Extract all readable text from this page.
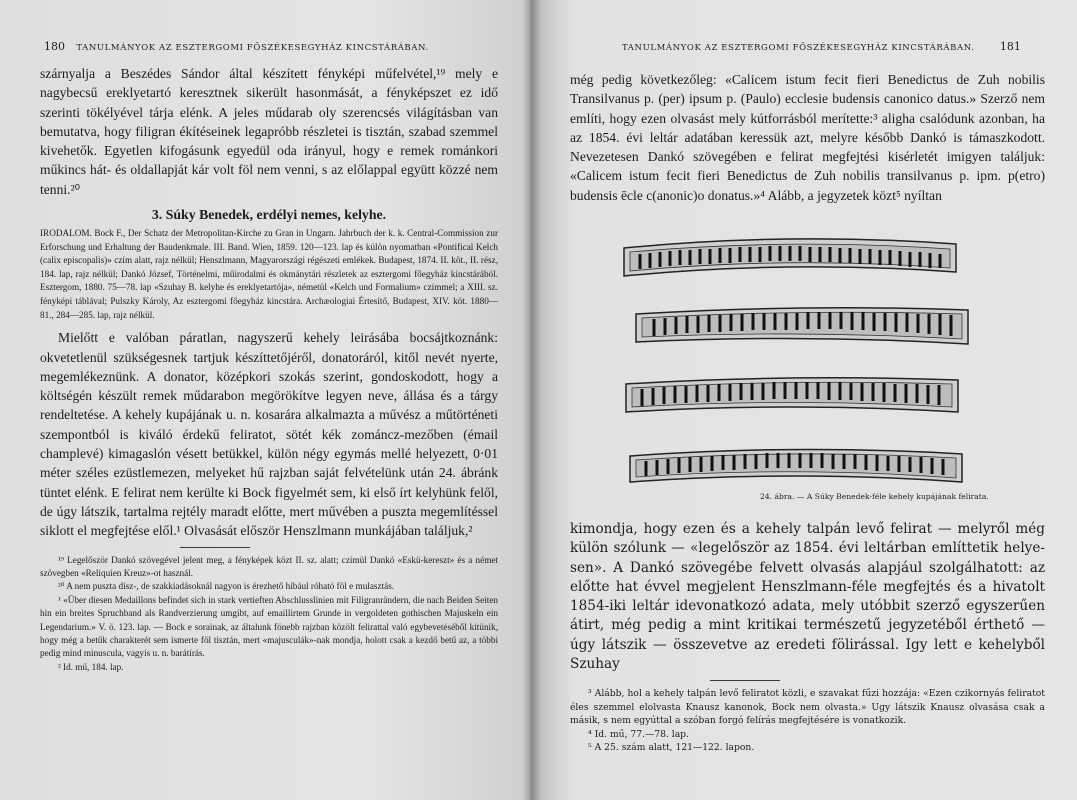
180 TANULMÁNYOK AZ ESZTERGOMI FŐSZÉKESEGYHÁZ KINCSTÁRÁBAN.

szárnyalja a Beszédes Sándor által készített fényképi műfelvétel,¹⁹ mely e nagybecsű ereklyetartó keresztnek sikerült hasonmását, a fényképszet ez idő szerinti tökélyével tárja elénk. A jeles műdarab oly szerencsés világításban van bemutatva, hogy filigran ékítéseinek legapróbb részletei is tisztán, szabad szemmel kivehetők. Egyetlen kifogásunk egyedül oda irányul, hogy e remek románkori műkincs hát- és oldallapját kár volt föl nem venni, s az előlappal együtt közzé nem tenni.²⁰

3. Súky Benedek, erdélyi nemes, kelyhe.

IRODALOM. Bock F., Der Schatz der Metropolitan-Kirche zu Gran in Ungarn. Jahrbuch der k. k. Central-Commission zur Erforschung und Erhaltung der Baudenkmale. III. Band. Wien, 1859. 120—123. lap és külön nyomatban «Pontifical Kelch (calix episcopalis)» czím alatt, rajz nélkül; Henszlmann, Magyarországi régészeti emlékek. Budapest, 1874. II. köt., II. rész, 184. lap, rajz nélkül; Dankó József, Történelmi, műirodalmi és okmánytári részletek az esztergomi főegyház kincstárából. Esztergom, 1880. 75—78. lap «Szuhay B. kelyhe és ereklyetartója», németül «Kelch und Formalium» czímmel; a XIII. sz. fényképi táblával; Pulszky Károly, Az esztergomi főegyház kincstára. Archæologiai Értesítő, Budapest, XIV. köt. 1880—81., 284—285. lap, rajz nélkül.

Mielőtt e valóban páratlan, nagyszerű kehely leirásába bocsájtkoznánk: okvetetlenül szükségesnek tartjuk készíttetőjéről, donatoráról, kitől nevét nyerte, megemlékeznünk. A donator, középkori szokás szerint, gondoskodott, hogy a költségén készült remek műdarabon megörökítve legyen neve, állása és a tárgy rendeltetése. A kehely kupájának u. n. kosarára alkalmazta a művész a műtörténeti szempontból is kiváló érdekű feliratot, sötét kék zománcz-mezőben (émail champlevé) kimagaslón vésett betükkel, külön négy egymás mellé helyezett, 0·01 méter széles ezüstlemezen, melyeket hű rajzban saját felvételünk után 24. ábránk tüntet elénk. E felirat nem kerülte ki Bock figyelmét sem, ki első írt kelyhünk felől, de úgy látszik, tartalma rejtély maradt előtte, mert művében a puszta megemlítéssel siklott el megfejtése elől.¹ Olvasását először Henszlmann munkájában találjuk,²

¹⁹ Legelőször Dankó szövegével jelent meg, a fényképek közt II. sz. alatt; czímül Dankó «Eskü-kereszt» és a német szövegben «Reliquien Kreuz»-ot használ.

²⁰ A nem puszta dísz-, de szakkiadásoknál nagyon is érezhető hibául róható föl e mulasztás.

¹ «Über diesen Medaillons befindet sich in stark vertieften Abschlusslinien mit Filigranrändern, die nach Beiden Seiten hin ein breites Spruchband als Randverzierung umgibt, auf emaillirtem Grunde in vergoldeten gothischen Majuskeln ein Legendarium.» V. ö. 123. lap. — Bock e sorainak, az általunk fönebb rajzban közölt felirattal való egybevetéséből kitünik, hogy még a betűk charakterét sem ismerte föl tisztán, mert «majusculák»-nak mondja, holott csak a kezdő betű az, a többi pedig mind minuscula, vagyis u. n. barátírás.

² Id. mű, 184. lap.

TANULMÁNYOK AZ ESZTERGOMI FŐSZÉKESEGYHÁZ KINCSTÁRÁBAN. 181

még pedig következőleg: «Calicem istum fecit fieri Benedictus de Zuh nobilis Transilvanus p. (per) ipsum p. (Paulo) ecclesie budensis canonico datus.» Szerző nem említi, hogy ezen olvasást mely kútforrásból merítette:³ aligha csalódunk azonban, ha az 1854. évi leltár adatában keressük azt, melyre később Dankó is támaszkodott. Nevezetesen Dankó szövegében e felirat megfejtési kisérletét imigyen találjuk: «Calicem istum fecit fieri Benedictus de Zuh nobilis transilvanus p. ipm. p(etro) budensis ēcle c(anonic)o donatus.»⁴ Alább, a jegyzetek közt⁵ nyíltan

24. ábra. — A Súky Benedek-féle kehely kupájának felirata.

kimondja, hogy ezen és a kehely talpán levő felirat — melyről még külön szólunk — «legelőször az 1854. évi leltárban említtetik helyesen». A Dankó szövegébe felvett olvasás alapjául szolgálhatott: az előtte hat évvel megjelent Henszlmann-féle megfejtés és a hivatolt 1854-iki leltár idevonatkozó adata, mely utóbbit szerző egyszerűen átirt, még pedig a mint kritikai természetű jegyzetéből érthető — úgy látszik — összevetve az eredeti fölirással. Igy lett e kehelyből Szuhay

³ Alább, hol a kehely talpán levő feliratot közli, e szavakat fűzi hozzája: «Ezen czikornyás feliratot éles szemmel elolvasta Knausz kanonok, Bock nem olvasta.» Ugy látszik Knausz olvasása csak a másik, s nem egyúttal a szóban forgó felírás megfejtésére is vonatkozik.

⁴ Id. mű, 77.—78. lap.

⁵ A 25. szám alatt, 121—122. lapon.
